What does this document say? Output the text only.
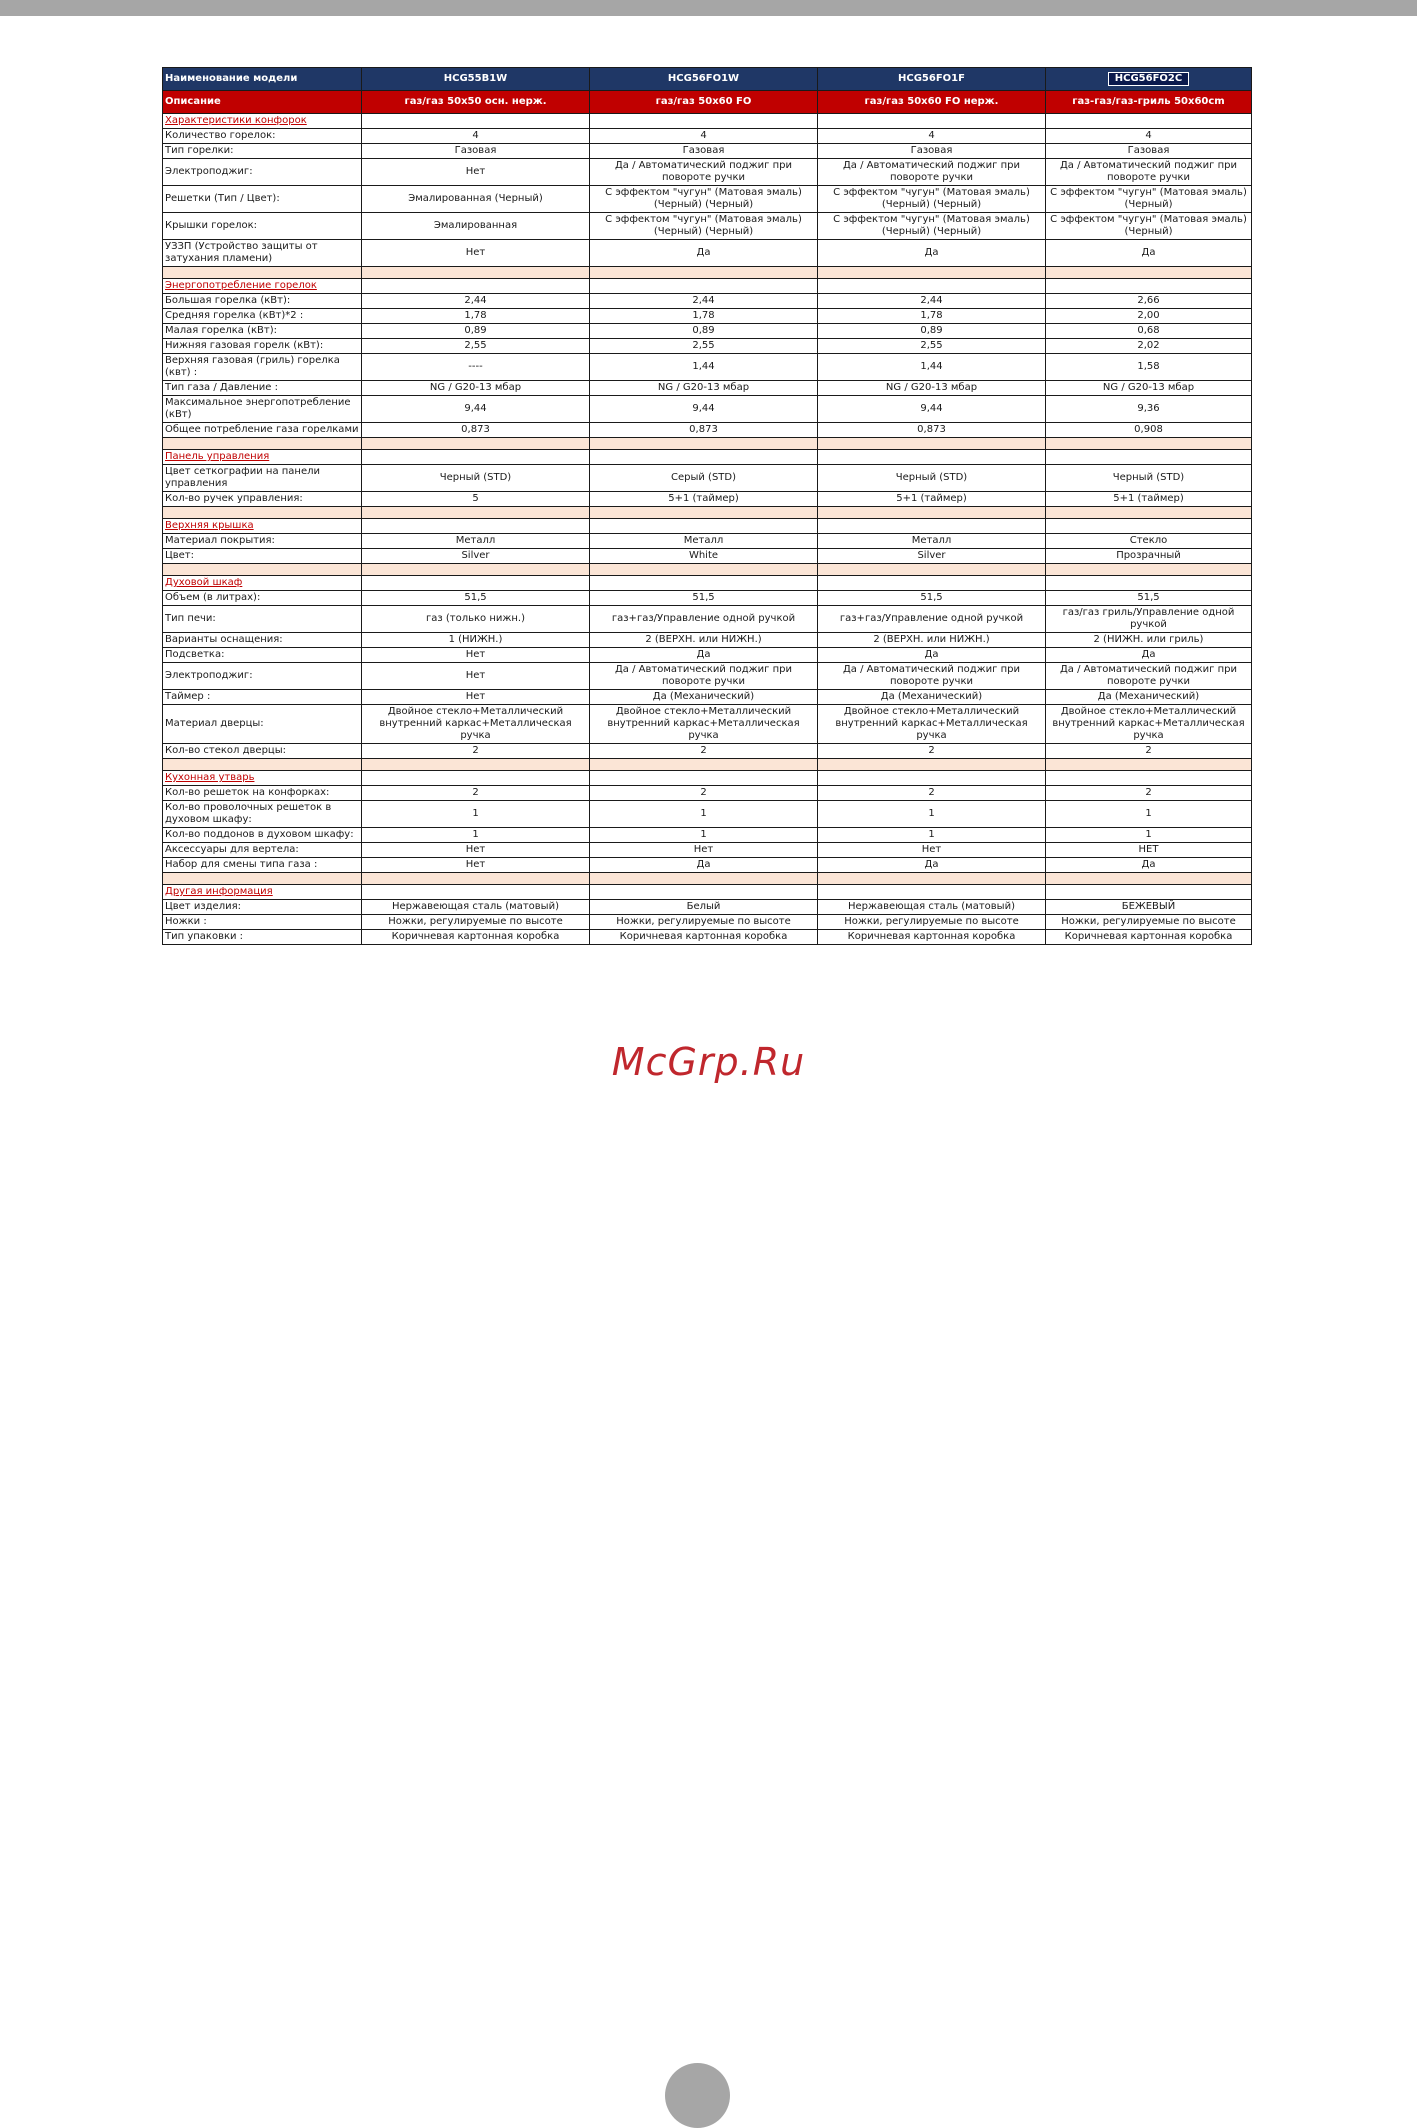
Наименование модели	HCG55B1W	HCG56FO1W	HCG56FO1F	HCG56FO2C
Описание	газ/газ 50x50 осн. нерж.	газ/газ 50x60 FO	газ/газ 50x60 FO нерж.	газ-газ/газ-гриль 50x60cm
Характеристики конфорок				
Количество горелок:	4	4	4	4
Тип горелки:	Газовая	Газовая	Газовая	Газовая
Электроподжиг:	Нет	Да / Автоматический поджиг при повороте ручки	Да / Автоматический поджиг при повороте ручки	Да / Автоматический поджиг при повороте ручки
Решетки (Тип / Цвет):	Эмалированная (Черный)	С эффектом "чугун" (Матовая эмаль) (Черный) (Черный)	С эффектом "чугун" (Матовая эмаль) (Черный) (Черный)	С эффектом "чугун" (Матовая эмаль) (Черный)
Крышки горелок:	Эмалированная	С эффектом "чугун" (Матовая эмаль) (Черный) (Черный)	С эффектом "чугун" (Матовая эмаль) (Черный) (Черный)	С эффектом "чугун" (Матовая эмаль) (Черный)
УЗЗП (Устройство защиты от затухания пламени)	Нет	Да	Да	Да

Энергопотребление горелок				
Большая горелка (кВт):	2,44	2,44	2,44	2,66
Средняя горелка (кВт)*2 :	1,78	1,78	1,78	2,00
Малая горелка (кВт):	0,89	0,89	0,89	0,68
Нижняя газовая горелк (кВт):	2,55	2,55	2,55	2,02
Верхняя газовая (гриль) горелка (квт) :	----	1,44	1,44	1,58
Тип газа / Давление :	NG / G20-13 мбар	NG / G20-13 мбар	NG / G20-13 мбар	NG / G20-13 мбар
Максимальное энергопотребление (кВт)	9,44	9,44	9,44	9,36
Общее потребление газа горелками	0,873	0,873	0,873	0,908

Панель управления				
Цвет сеткографии на панели управления	Черный (STD)	Серый (STD)	Черный (STD)	Черный (STD)
Кол-во ручек управления:	5	5+1 (таймер)	5+1 (таймер)	5+1 (таймер)

Верхняя крышка				
Материал покрытия:	Металл	Металл	Металл	Стекло
Цвет:	Silver	White	Silver	Прозрачный

Духовой шкаф				
Объем (в литрах):	51,5	51,5	51,5	51,5
Тип печи:	газ (только нижн.)	газ+газ/Управление одной ручкой	газ+газ/Управление одной ручкой	газ/газ гриль/Управление одной ручкой
Варианты оснащения:	1 (НИЖН.)	2 (ВЕРХН. или НИЖН.)	2 (ВЕРХН. или НИЖН.)	2 (НИЖН. или гриль)
Подсветка:	Нет	Да	Да	Да
Электроподжиг:	Нет	Да / Автоматический поджиг при повороте ручки	Да / Автоматический поджиг при повороте ручки	Да / Автоматический поджиг при повороте ручки
Таймер :	Нет	Да (Механический)	Да (Механический)	Да (Механический)
Материал дверцы:	Двойное стекло+Металлический внутренний каркас+Металлическая ручка	Двойное стекло+Металлический внутренний каркас+Металлическая ручка	Двойное стекло+Металлический внутренний каркас+Металлическая ручка	Двойное стекло+Металлический внутренний каркас+Металлическая ручка
Кол-во стекол дверцы:	2	2	2	2

Кухонная утварь				
Кол-во решеток на конфорках:	2	2	2	2
Кол-во проволочных решеток в духовом шкафу:	1	1	1	1
Кол-во поддонов в духовом шкафу:	1	1	1	1
Аксессуары для вертела:	Нет	Нет	Нет	НЕТ
Набор для смены типа газа :	Нет	Да	Да	Да

Другая информация				
Цвет изделия:	Нержавеющая сталь (матовый)	Белый	Нержавеющая сталь (матовый)	БЕЖЕВЫЙ
Ножки :	Ножки, регулируемые по высоте	Ножки, регулируемые по высоте	Ножки, регулируемые по высоте	Ножки, регулируемые по высоте
Тип упаковки :	Коричневая картонная коробка	Коричневая картонная коробка	Коричневая картонная коробка	Коричневая картонная коробка
McGrp.Ru
